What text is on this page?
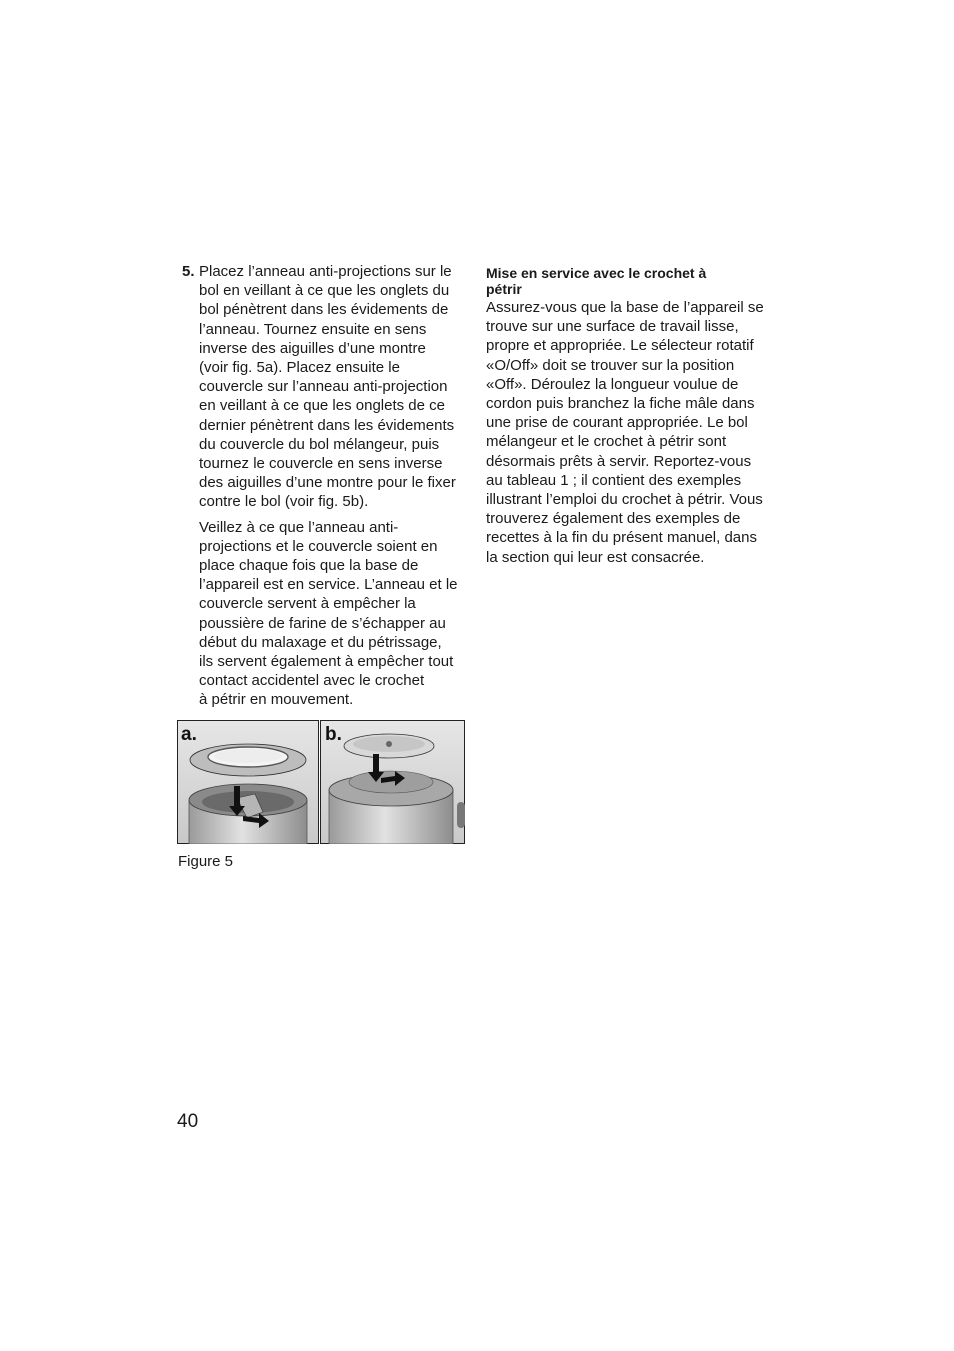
5. Placez l’anneau anti-projections sur le
bol en veillant à ce que les onglets du
bol pénètrent dans les évidements de
l’anneau. Tournez ensuite en sens
inverse des aiguilles d’une montre
(voir fig. 5a). Placez ensuite le
couvercle sur l’anneau anti-projection
en veillant à ce que les onglets de ce
dernier pénètrent dans les évidements
du couvercle du bol mélangeur, puis
tournez le couvercle en sens inverse
des aiguilles d’une montre pour le fixer
contre le bol (voir fig. 5b).

Veillez à ce que l’anneau anti-
projections et le couvercle soient en
place chaque fois que la base de
l’appareil est en service. L’anneau et le
couvercle servent à empêcher la
poussière de farine de s’échapper au
début du malaxage et du pétrissage,
ils servent également à empêcher tout
contact accidentel avec le crochet
à pétrir en mouvement.

Mise en service avec le crochet à
pétrir

Assurez-vous que la base de l’appareil se
trouve sur une surface de travail lisse,
propre et appropriée. Le sélecteur rotatif
«O/Off» doit se trouver sur la position
«Off». Déroulez la longueur voulue de
cordon puis branchez la fiche mâle dans
une prise de courant appropriée. Le bol
mélangeur et le crochet à pétrir sont
désormais prêts à servir. Reportez-vous
au tableau 1 ; il contient des exemples
illustrant l’emploi du crochet à pétrir. Vous
trouverez également des exemples de
recettes à la fin du présent manuel, dans
la section qui leur est consacrée.

a.	b.
Figure 5
40
